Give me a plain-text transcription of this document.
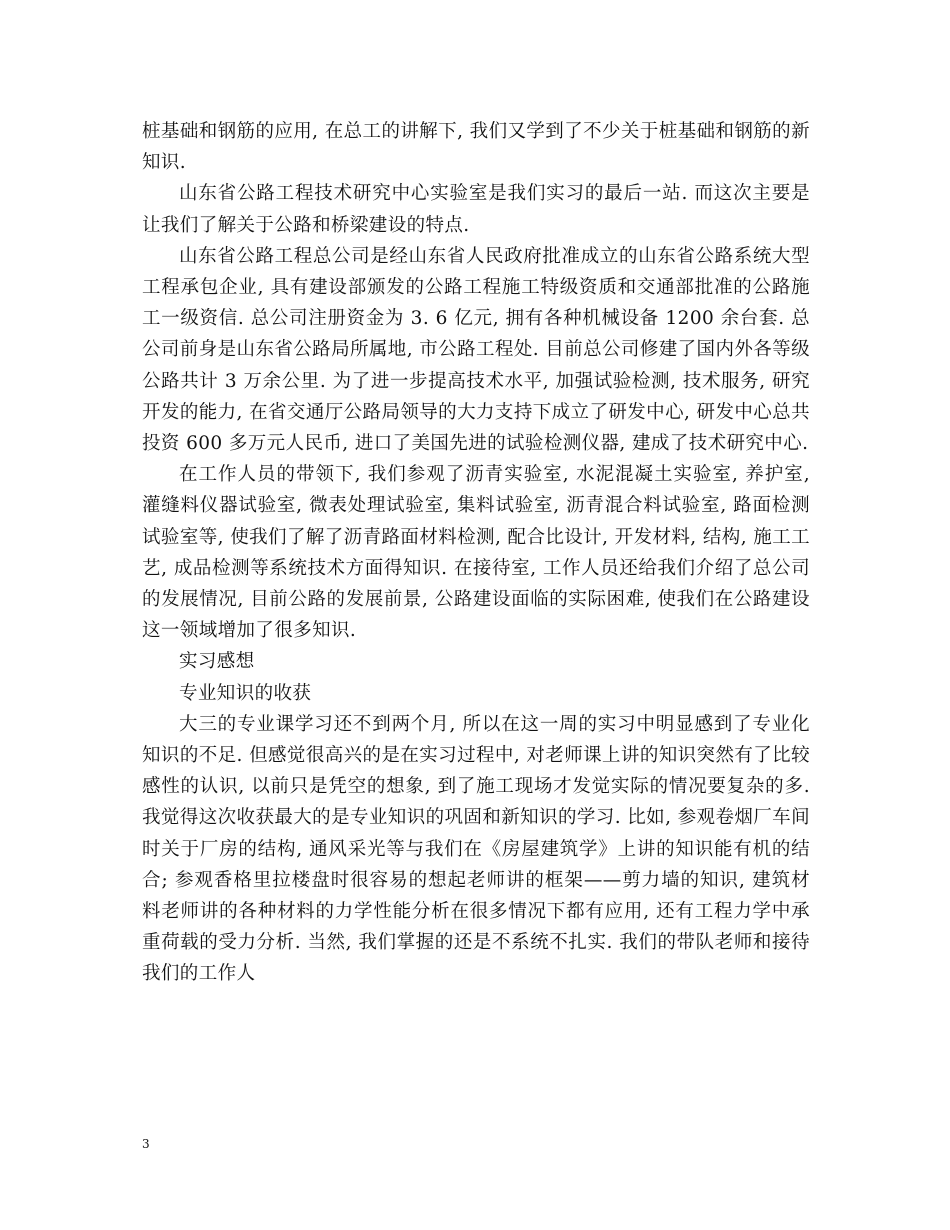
桩基础和钢筋的应用, 在总工的讲解下, 我们又学到了不少关于桩基础和钢筋的新知识.

山东省公路工程技术研究中心实验室是我们实习的最后一站. 而这次主要是让我们了解关于公路和桥梁建设的特点.

山东省公路工程总公司是经山东省人民政府批准成立的山东省公路系统大型工程承包企业, 具有建设部颁发的公路工程施工特级资质和交通部批准的公路施工一级资信. 总公司注册资金为 3. 6 亿元, 拥有各种机械设备 1200 余台套. 总公司前身是山东省公路局所属地, 市公路工程处. 目前总公司修建了国内外各等级公路共计 3 万余公里. 为了进一步提高技术水平, 加强试验检测, 技术服务, 研究开发的能力, 在省交通厅公路局领导的大力支持下成立了研发中心, 研发中心总共投资 600 多万元人民币, 进口了美国先进的试验检测仪器, 建成了技术研究中心.

在工作人员的带领下, 我们参观了沥青实验室, 水泥混凝土实验室, 养护室, 灌缝料仪器试验室, 微表处理试验室, 集料试验室, 沥青混合料试验室, 路面检测试验室等, 使我们了解了沥青路面材料检测, 配合比设计, 开发材料, 结构, 施工工艺, 成品检测等系统技术方面得知识. 在接待室, 工作人员还给我们介绍了总公司的发展情况, 目前公路的发展前景, 公路建设面临的实际困难, 使我们在公路建设这一领域增加了很多知识.

实习感想

专业知识的收获

大三的专业课学习还不到两个月, 所以在这一周的实习中明显感到了专业化知识的不足. 但感觉很高兴的是在实习过程中, 对老师课上讲的知识突然有了比较感性的认识, 以前只是凭空的想象, 到了施工现场才发觉实际的情况要复杂的多. 我觉得这次收获最大的是专业知识的巩固和新知识的学习. 比如, 参观卷烟厂车间时关于厂房的结构, 通风采光等与我们在《房屋建筑学》上讲的知识能有机的结合; 参观香格里拉楼盘时很容易的想起老师讲的框架——剪力墙的知识, 建筑材料老师讲的各种材料的力学性能分析在很多情况下都有应用, 还有工程力学中承重荷载的受力分析. 当然, 我们掌握的还是不系统不扎实. 我们的带队老师和接待我们的工作人

3
